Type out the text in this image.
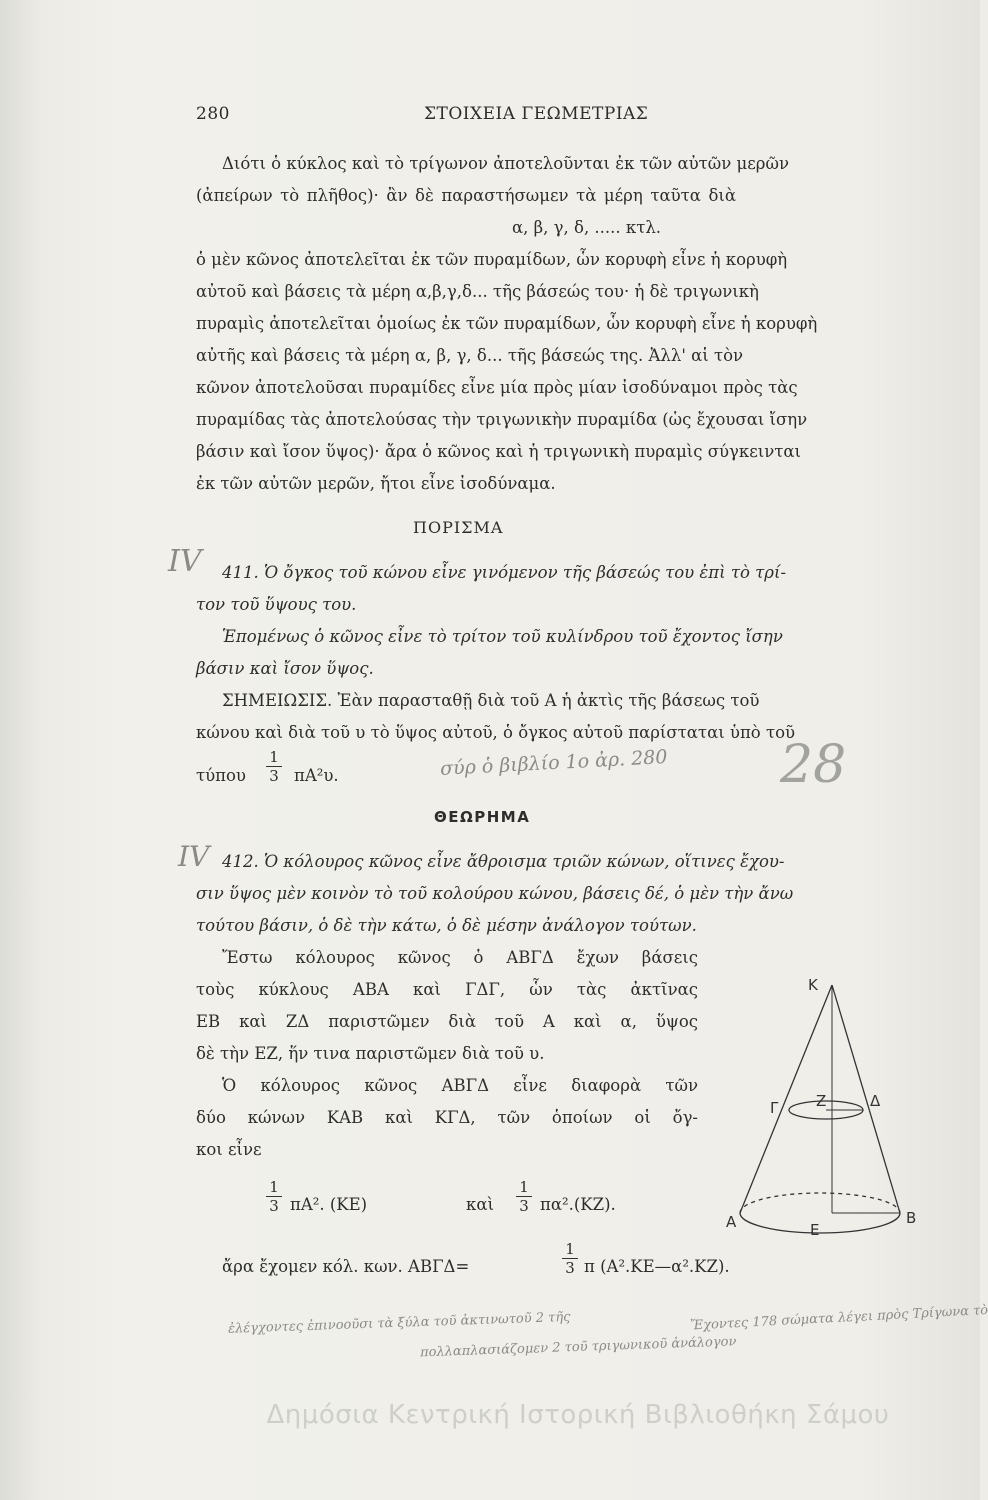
280	ΣΤΟΙΧΕΙΑ ΓΕΩΜΕΤΡΙΑΣ
Διότι ὁ κύκλος καὶ τὸ τρίγωνον ἀποτελοῦνται ἐκ τῶν αὐτῶν μερῶν
(ἀπείρων τὸ πλῆθος)· ἂν δὲ παραστήσωμεν τὰ μέρη ταῦτα διὰ
α, β, γ, δ, ..... κτλ.
ὁ μὲν κῶνος ἀποτελεῖται ἐκ τῶν πυραμίδων, ὧν κορυφὴ εἶνε ἡ κορυφὴ
αὐτοῦ καὶ βάσεις τὰ μέρη α,β,γ,δ... τῆς βάσεώς του· ἡ δὲ τριγωνικὴ
πυραμὶς ἀποτελεῖται ὁμοίως ἐκ τῶν πυραμίδων, ὧν κορυφὴ εἶνε ἡ κορυφὴ
αὐτῆς καὶ βάσεις τὰ μέρη α, β, γ, δ... τῆς βάσεώς της. Ἀλλ' αἱ τὸν
κῶνον ἀποτελοῦσαι πυραμίδες εἶνε μία πρὸς μίαν ἰσοδύναμοι πρὸς τὰς
πυραμίδας τὰς ἀποτελούσας τὴν τριγωνικὴν πυραμίδα (ὡς ἔχουσαι ἴσην
βάσιν καὶ ἴσον ὕψος)· ἄρα ὁ κῶνος καὶ ἡ τριγωνικὴ πυραμὶς σύγκεινται
ἐκ τῶν αὐτῶν μερῶν, ἤτοι εἶνε ἰσοδύναμα.
ΠΟΡΙΣΜΑ
IV 411. Ὁ ὄγκος τοῦ κώνου εἶνε γινόμενον τῆς βάσεώς του ἐπὶ τὸ τρί-
τον τοῦ ὕψους του.
Ἑπομένως ὁ κῶνος εἶνε τὸ τρίτον τοῦ κυλίνδρου τοῦ ἔχοντος ἴσην
βάσιν καὶ ἴσον ὕψος.
ΣΗΜΕΙΩΣΙΣ. Ἐὰν παρασταθῇ διὰ τοῦ Α ἡ ἀκτὶς τῆς βάσεως τοῦ
κώνου καὶ διὰ τοῦ υ τὸ ὕψος αὐτοῦ, ὁ ὄγκος αὐτοῦ παρίσταται ὑπὸ τοῦ
τύπου
1
3 πΑ²υ.	σύρ ὁ βιβλίο 1ο ἀρ. 280 28
ΘΕΩΡΗΜΑ
IV 412. Ὁ κόλουρος κῶνος εἶνε ἄθροισμα τριῶν κώνων, οἵτινες ἔχου-
σιν ὕψος μὲν κοινὸν τὸ τοῦ κολούρου κώνου, βάσεις δέ, ὁ μὲν τὴν ἄνω
τούτου βάσιν, ὁ δὲ τὴν κάτω, ὁ δὲ μέσην ἀνάλογον τούτων.
Ἔστω κόλουρος κῶνος ὁ ΑΒΓΔ ἔχων βάσεις
τοὺς κύκλους ΑΒΑ καὶ ΓΔΓ, ὧν τὰς ἀκτῖνας
ΕΒ καὶ ΖΔ παριστῶμεν διὰ τοῦ Α καὶ α, ὕψος
δὲ τὴν ΕΖ, ἥν τινα παριστῶμεν διὰ τοῦ υ.
Ὁ κόλουρος κῶνος ΑΒΓΔ εἶνε διαφορὰ τῶν
δύο κώνων ΚΑΒ καὶ ΚΓΔ, τῶν ὁποίων οἱ ὄγ-
κοι εἶνε
1
3 πΑ². (ΚΕ)	καὶ
1
3 πα².(ΚΖ).
ἄρα ἔχομεν κόλ. κων. ΑΒΓΔ=
1
3 π (Α².ΚΕ—α².ΚΖ).
Κ
Γ	Ζ	Δ
Α	Ε
Β
ἐλέγχοντες ἐπινοοῦσι τὰ ξύλα τοῦ ἀκτινωτοῦ 2 τῆς
πολλαπλασιάζομεν 2 τοῦ τριγωνικοῦ ἀνάλογον
Ἔχοντες 178 σώματα λέγει πρὸς Τρίγωνα τὸ
Δημόσια Κεντρική Ιστορική Βιβλιοθήκη Σάμου
